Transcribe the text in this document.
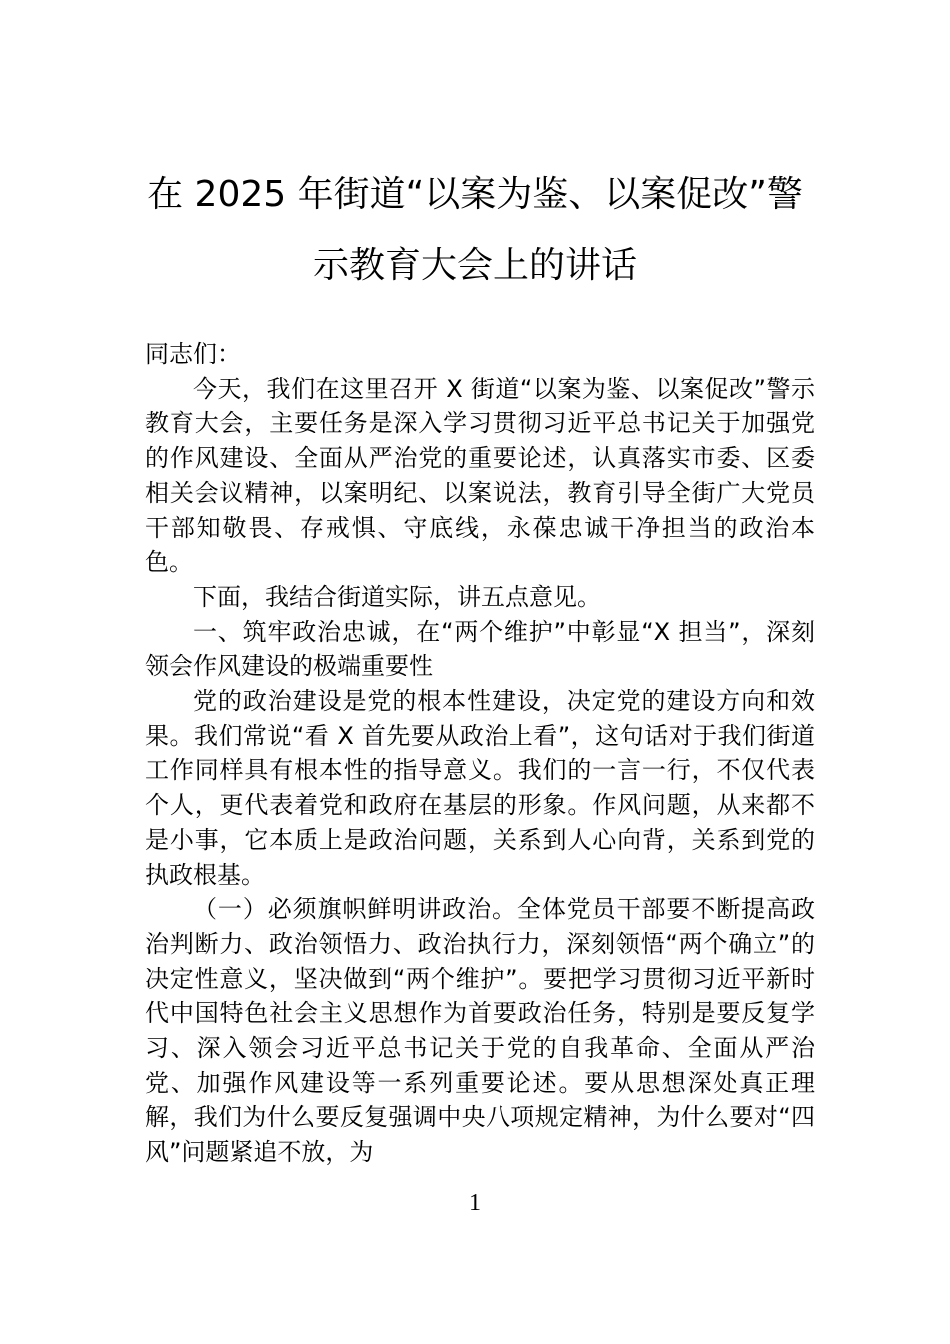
在 2025 年街道“以案为鉴、以案促改”警
示教育大会上的讲话

同志们：

今天，我们在这里召开 X 街道“以案为鉴、以案促改”警示教育大会，主要任务是深入学习贯彻习近平总书记关于加强党的作风建设、全面从严治党的重要论述，认真落实市委、区委相关会议精神，以案明纪、以案说法，教育引导全街广大党员干部知敬畏、存戒惧、守底线，永葆忠诚干净担当的政治本色。

下面，我结合街道实际，讲五点意见。

一、筑牢政治忠诚，在“两个维护”中彰显“X 担当”，深刻领会作风建设的极端重要性

党的政治建设是党的根本性建设，决定党的建设方向和效果。我们常说“看 X 首先要从政治上看”，这句话对于我们街道工作同样具有根本性的指导意义。我们的一言一行，不仅代表个人，更代表着党和政府在基层的形象。作风问题，从来都不是小事，它本质上是政治问题，关系到人心向背，关系到党的执政根基。

（一）必须旗帜鲜明讲政治。全体党员干部要不断提高政治判断力、政治领悟力、政治执行力，深刻领悟“两个确立”的决定性意义，坚决做到“两个维护”。要把学习贯彻习近平新时代中国特色社会主义思想作为首要政治任务，特别是要反复学习、深入领会习近平总书记关于党的自我革命、全面从严治党、加强作风建设等一系列重要论述。要从思想深处真正理解，我们为什么要反复强调中央八项规定精神，为什么要对“四风”问题紧追不放，为

1
